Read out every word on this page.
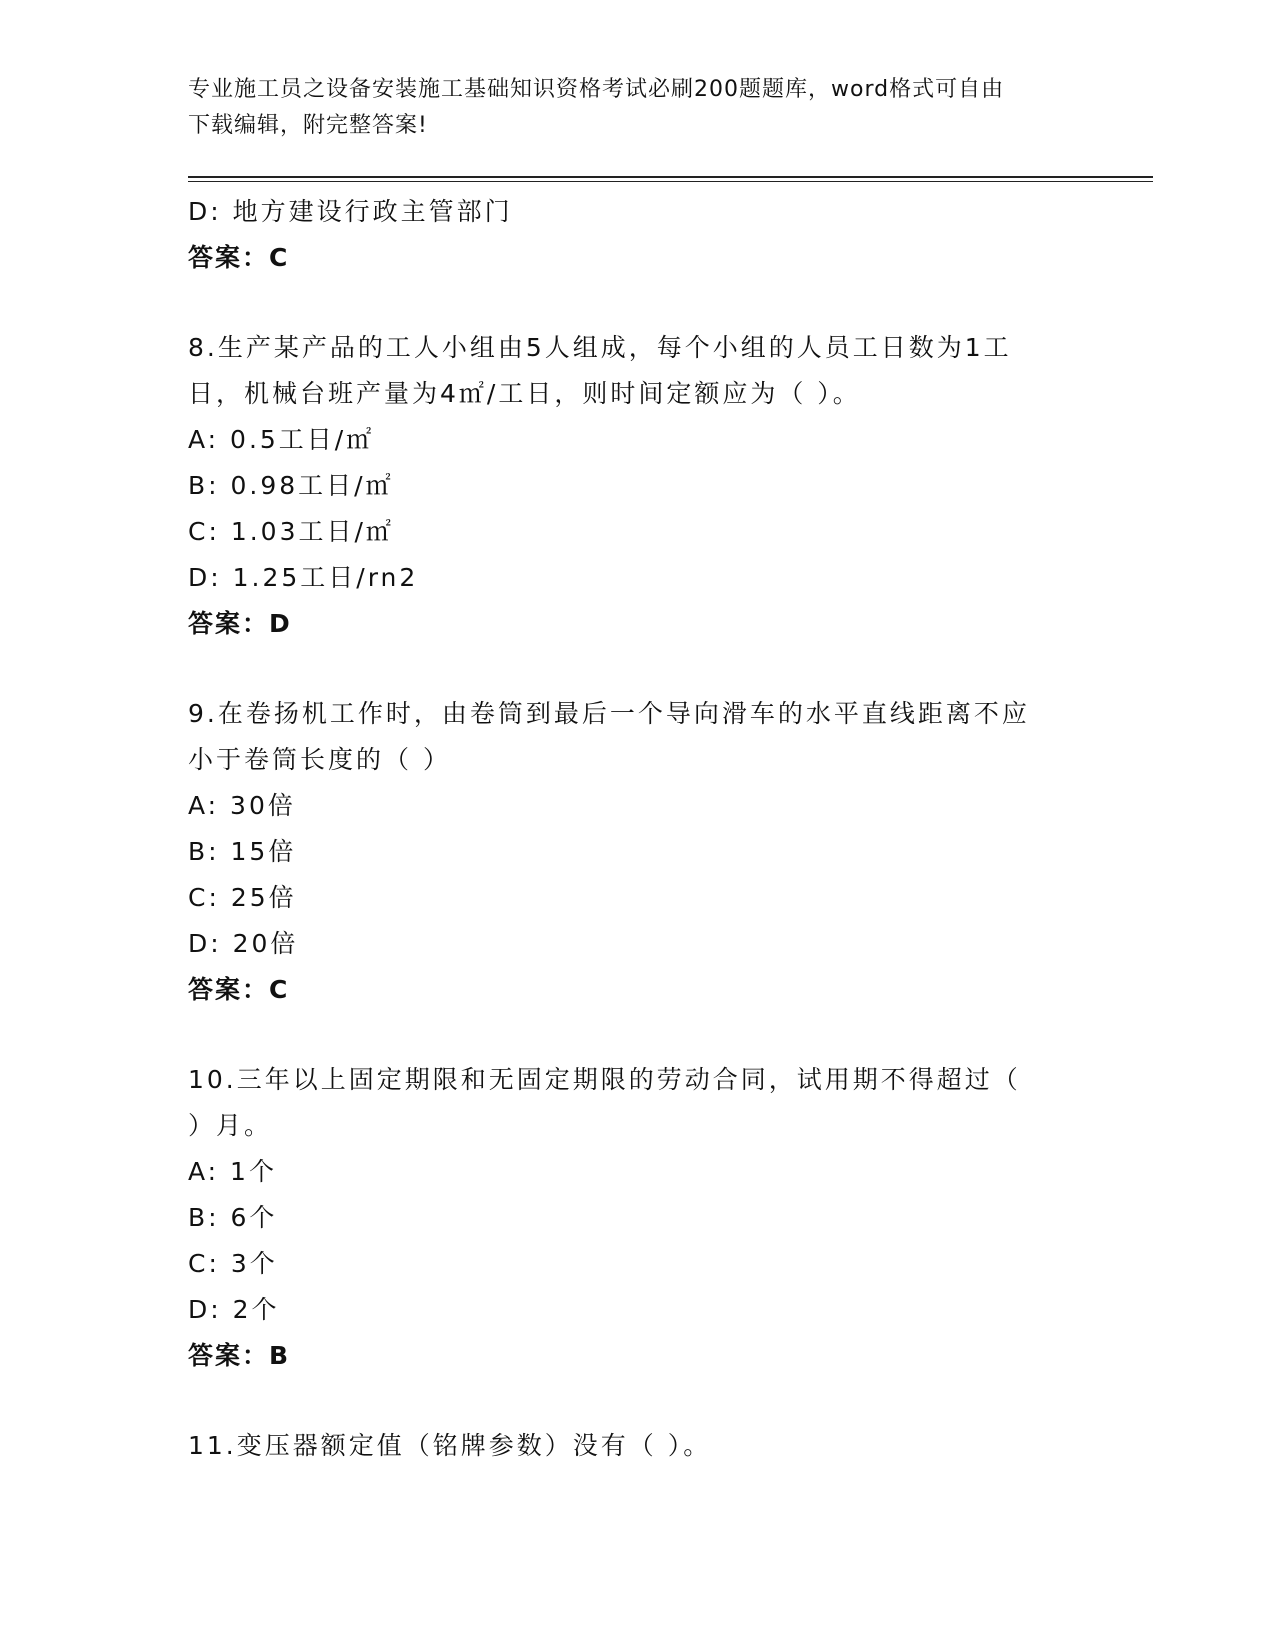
专业施工员之设备安装施工基础知识资格考试必刷200题题库，word格式可自由
下载编辑，附完整答案!
D: 地方建设行政主管部门
答案：C
8.生产某产品的工人小组由5人组成，每个小组的人员工日数为1工
日，机械台班产量为4㎡/工日，则时间定额应为（ ）。
A: 0.5工日/㎡
B: 0.98工日/㎡
C: 1.03工日/㎡
D: 1.25工日/rn2
答案：D
9.在卷扬机工作时，由卷筒到最后一个导向滑车的水平直线距离不应
小于卷筒长度的（ ）
A: 30倍
B: 15倍
C: 25倍
D: 20倍
答案：C
10.三年以上固定期限和无固定期限的劳动合同，试用期不得超过（
）月。
A: 1个
B: 6个
C: 3个
D: 2个
答案：B
11.变压器额定值（铭牌参数）没有（ ）。
